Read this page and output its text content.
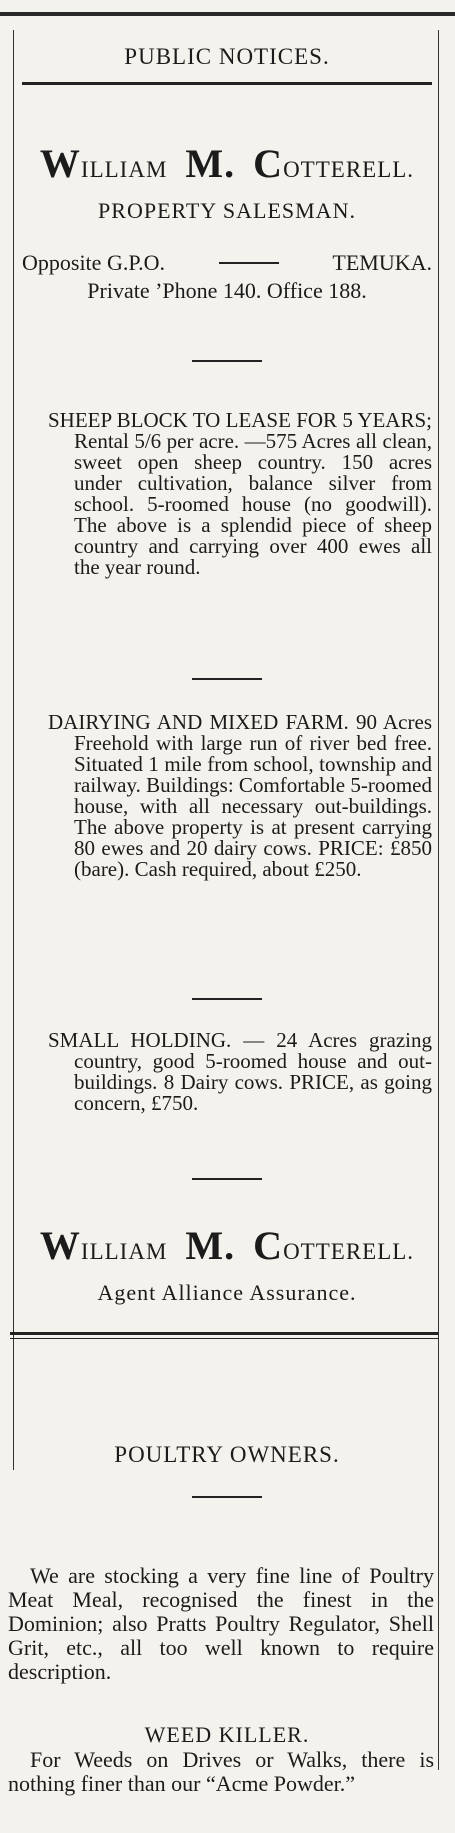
PUBLIC NOTICES.
WILLIAM M. COTTERELL.
PROPERTY SALESMAN.
Opposite G.P.O.	TEMUKA.
Private ’Phone 140. Office 188.

SHEEP BLOCK TO LEASE FOR 5 YEARS; Rental 5/6 per acre. —575 Acres all clean, sweet open sheep country. 150 acres under cultivation, balance silver from school. 5-roomed house (no goodwill). The above is a splendid piece of sheep country and carrying over 400 ewes all the year round.

DAIRYING AND MIXED FARM. 90 Acres Freehold with large run of river bed free. Situated 1 mile from school, township and railway. Buildings: Comfortable 5-roomed house, with all necessary out-buildings. The above property is at present carrying 80 ewes and 20 dairy cows. PRICE: £850 (bare). Cash required, about £250.

SMALL HOLDING. — 24 Acres grazing country, good 5-roomed house and out-buildings. 8 Dairy cows. PRICE, as going concern, £750.

WILLIAM M. COTTERELL.
Agent Alliance Assurance.
POULTRY OWNERS.

We are stocking a very fine line of Poultry Meat Meal, recognised the finest in the Dominion; also Pratts Poultry Regulator, Shell Grit, etc., all too well known to require description.

WEED KILLER.

For Weeds on Drives or Walks, there is nothing finer than our “Acme Powder.”
